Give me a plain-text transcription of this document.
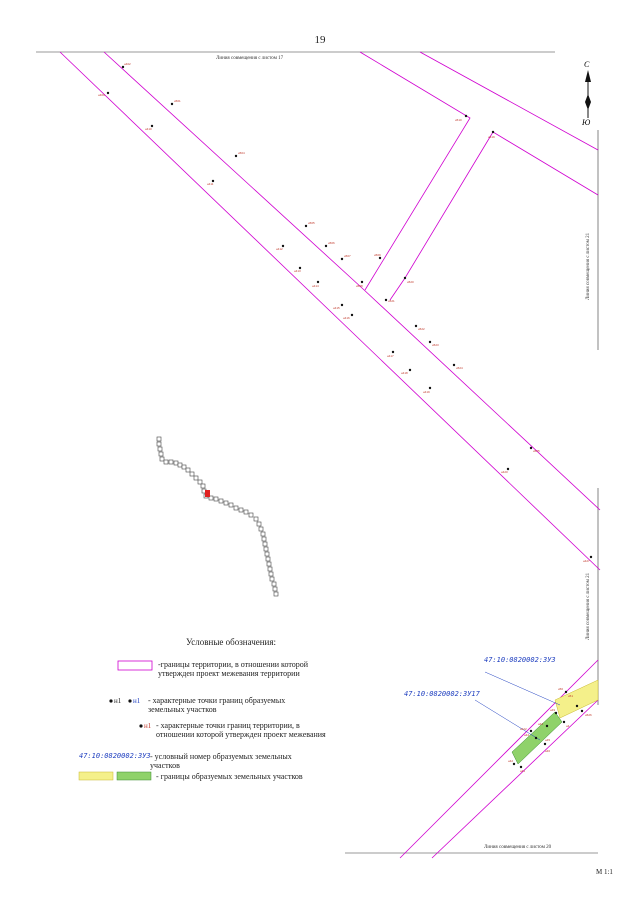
19
н402
н409
н501
н410
н504
н411
н505
н412
н506
н507
н413
н414	н508
н509
н510
н519
н520
н521
н415
н416
н522
н523
н417
н524
н418
н419
н525
н420
н427
н50
н51
н526
н49
н4
н422
н43
н44
н45
н46
н42
н41
Линия совмещения с листом 17
Линия совмещения с листом 21
Линия совмещения с листом 21
Линия совмещения с листом 20
С
Ю
47:10:0820002:ЗУ3
47:10:0820002:ЗУ17
Условные обозначения:
-границы территории, в отношении которой утвержден проект межевания территории
н1 н1 - характерные точки границ образуемых земельных участков
н1 - характерные точки границ территории, в отношении которой утвержден проект межевания
47:10:0820002:ЗУ3 - условный номер образуемых земельных участков
- границы образуемых земельных участков
М 1:1
